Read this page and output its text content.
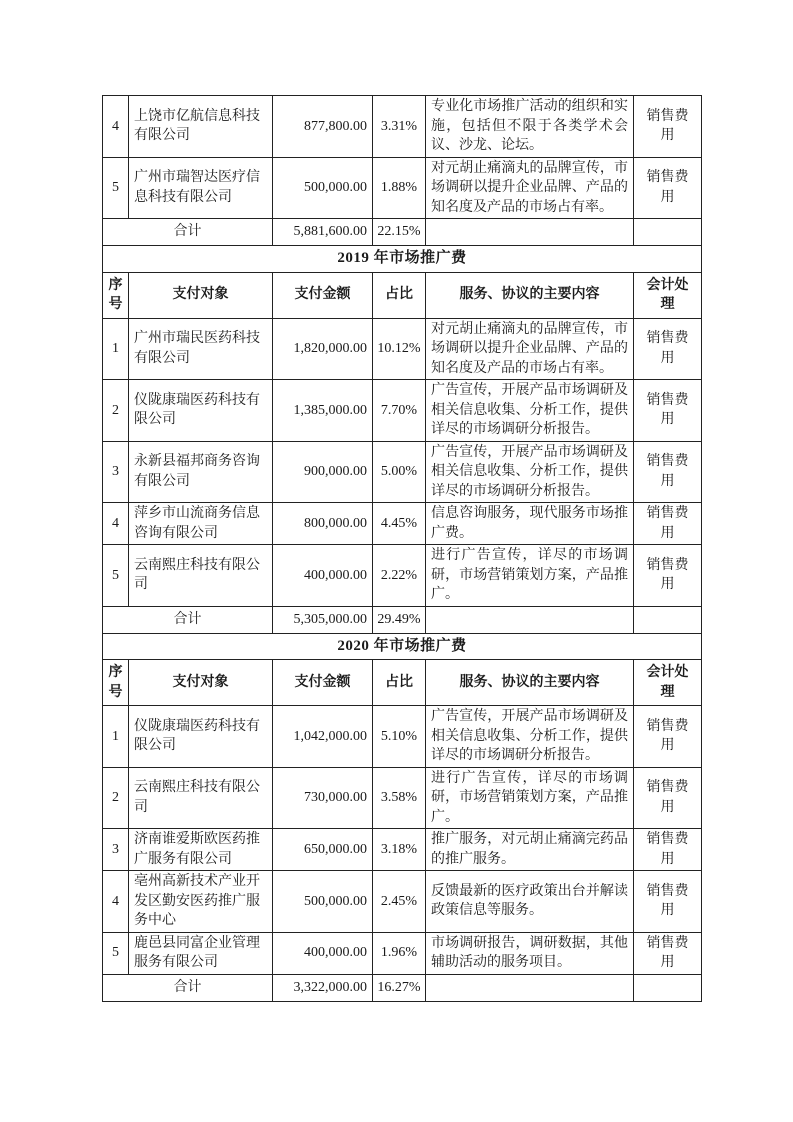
4	上饶市亿航信息科技有限公司	877,800.00	3.31%	专业化市场推广活动的组织和实施，包括但不限于各类学术会议、沙龙、论坛。	销售费用
5	广州市瑞智达医疗信息科技有限公司	500,000.00	1.88%	对元胡止痛滴丸的品牌宣传，市场调研以提升企业品牌、产品的知名度及产品的市场占有率。	销售费用
合计		5,881,600.00	22.15%		
2019 年市场推广费					
序号	支付对象	支付金额	占比	服务、协议的主要内容	会计处理
1	广州市瑞民医药科技有限公司	1,820,000.00	10.12%	对元胡止痛滴丸的品牌宣传，市场调研以提升企业品牌、产品的知名度及产品的市场占有率。	销售费用
2	仪陇康瑞医药科技有限公司	1,385,000.00	7.70%	广告宣传，开展产品市场调研及相关信息收集、分析工作，提供详尽的市场调研分析报告。	销售费用
3	永新县福邦商务咨询有限公司	900,000.00	5.00%	广告宣传，开展产品市场调研及相关信息收集、分析工作，提供详尽的市场调研分析报告。	销售费用
4	萍乡市山流商务信息咨询有限公司	800,000.00	4.45%	信息咨询服务，现代服务市场推广费。	销售费用
5	云南熙庄科技有限公司	400,000.00	2.22%	进行广告宣传，详尽的市场调研，市场营销策划方案，产品推广。	销售费用
合计		5,305,000.00	29.49%		
2020 年市场推广费					
序号	支付对象	支付金额	占比	服务、协议的主要内容	会计处理
1	仪陇康瑞医药科技有限公司	1,042,000.00	5.10%	广告宣传，开展产品市场调研及相关信息收集、分析工作，提供详尽的市场调研分析报告。	销售费用
2	云南熙庄科技有限公司	730,000.00	3.58%	进行广告宣传，详尽的市场调研，市场营销策划方案，产品推广。	销售费用
3	济南谁爱斯欧医药推广服务有限公司	650,000.00	3.18%	推广服务，对元胡止痛滴完药品的推广服务。	销售费用
4	亳州高新技术产业开发区勤安医药推广服务中心	500,000.00	2.45%	反馈最新的医疗政策出台并解读政策信息等服务。	销售费用
5	鹿邑县同富企业管理服务有限公司	400,000.00	1.96%	市场调研报告，调研数据，其他辅助活动的服务项目。	销售费用
合计		3,322,000.00	16.27%		
